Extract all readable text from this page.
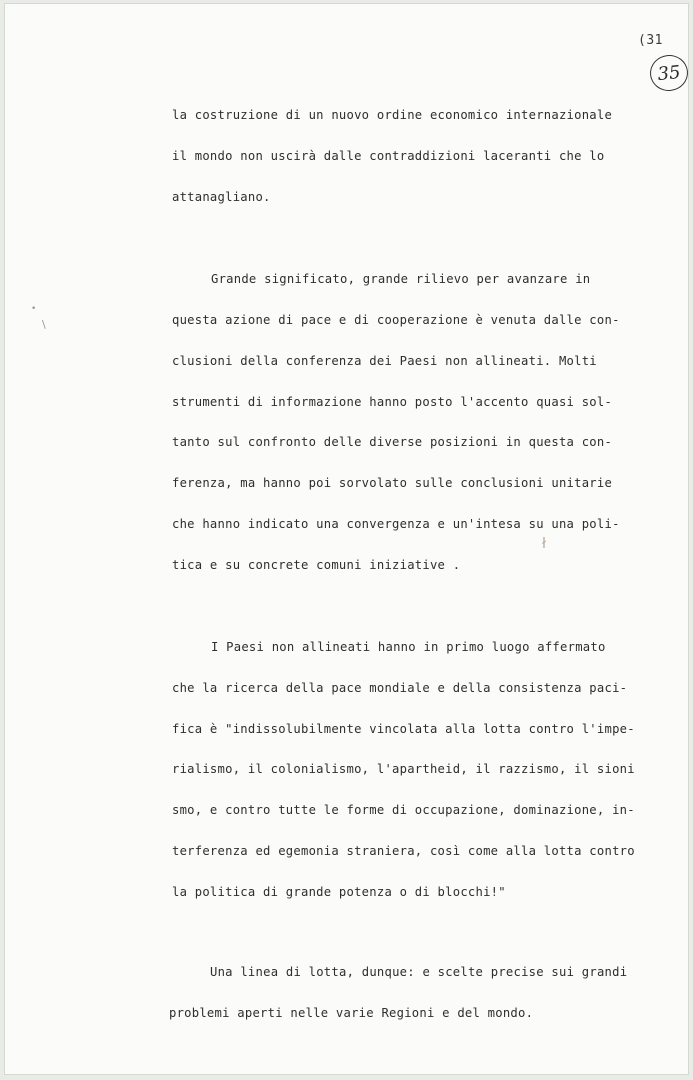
(31
35
•
\
ł
la costruzione di un nuovo ordine economico internazionale
il mondo non uscirà dalle contraddizioni laceranti che lo
attanagliano.
Grande significato, grande rilievo per avanzare in
questa azione di pace e di cooperazione è venuta dalle con-
clusioni della conferenza dei Paesi non allineati. Molti
strumenti di informazione hanno posto l'accento quasi sol-
tanto sul confronto delle diverse posizioni in questa con-
ferenza, ma hanno poi sorvolato sulle conclusioni unitarie
che hanno indicato una convergenza e un'intesa su una poli-
tica e su concrete comuni iniziative .
I Paesi non allineati hanno in primo luogo affermato
che la ricerca della pace mondiale e della consistenza paci-
fica è "indissolubilmente vincolata alla lotta contro l'impe-
rialismo, il colonialismo, l'apartheid, il razzismo, il sioni
smo, e contro tutte le forme di occupazione, dominazione, in-
terferenza ed egemonia straniera, così come alla lotta contro
la politica di grande potenza o di blocchi!"
Una linea di lotta, dunque: e scelte precise sui grandi
problemi aperti nelle varie Regioni e del mondo.
